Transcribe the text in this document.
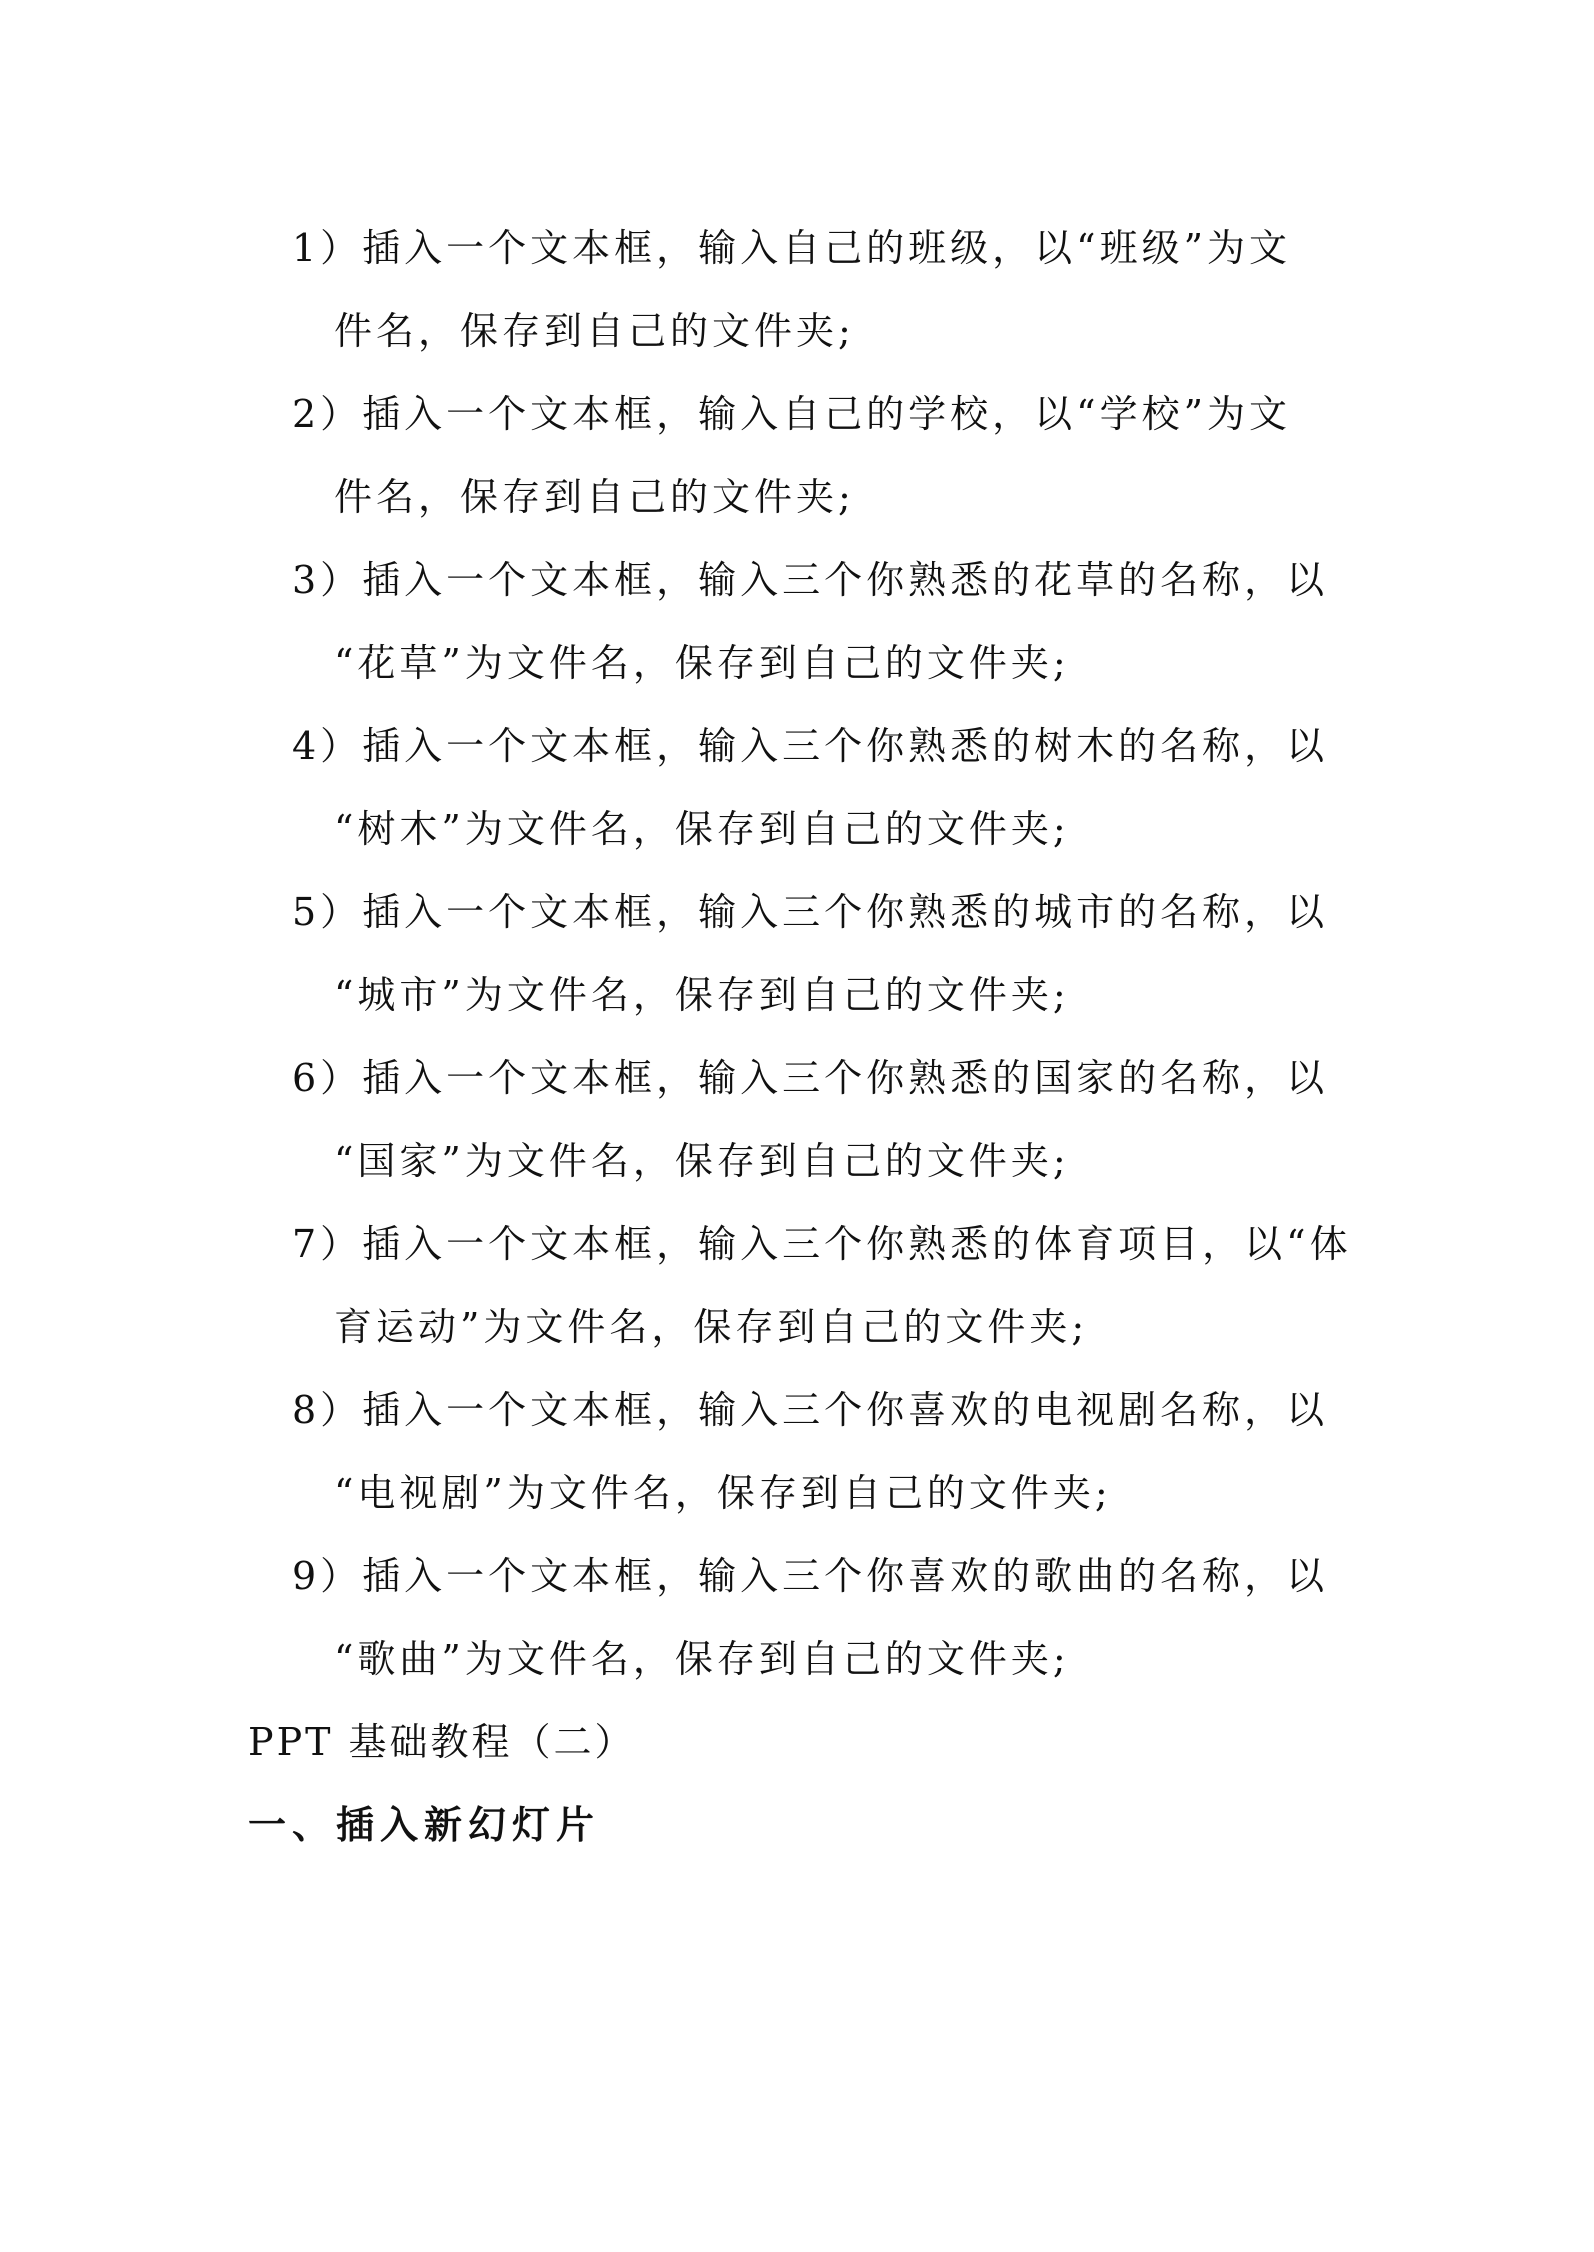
1）插入一个文本框，输入自己的班级，以“班级”为文
件名，保存到自己的文件夹;
2）插入一个文本框，输入自己的学校，以“学校”为文
件名，保存到自己的文件夹;
3）插入一个文本框，输入三个你熟悉的花草的名称，以
“花草”为文件名，保存到自己的文件夹;
4）插入一个文本框，输入三个你熟悉的树木的名称，以
“树木”为文件名，保存到自己的文件夹;
5）插入一个文本框，输入三个你熟悉的城市的名称，以
“城市”为文件名，保存到自己的文件夹;
6）插入一个文本框，输入三个你熟悉的国家的名称，以
“国家”为文件名，保存到自己的文件夹;
7）插入一个文本框，输入三个你熟悉的体育项目，以“体
育运动”为文件名，保存到自己的文件夹;
8）插入一个文本框，输入三个你喜欢的电视剧名称，以
“电视剧”为文件名，保存到自己的文件夹;
9）插入一个文本框，输入三个你喜欢的歌曲的名称，以
“歌曲”为文件名，保存到自己的文件夹;
PPT 基础教程（二）
一、插入新幻灯片
